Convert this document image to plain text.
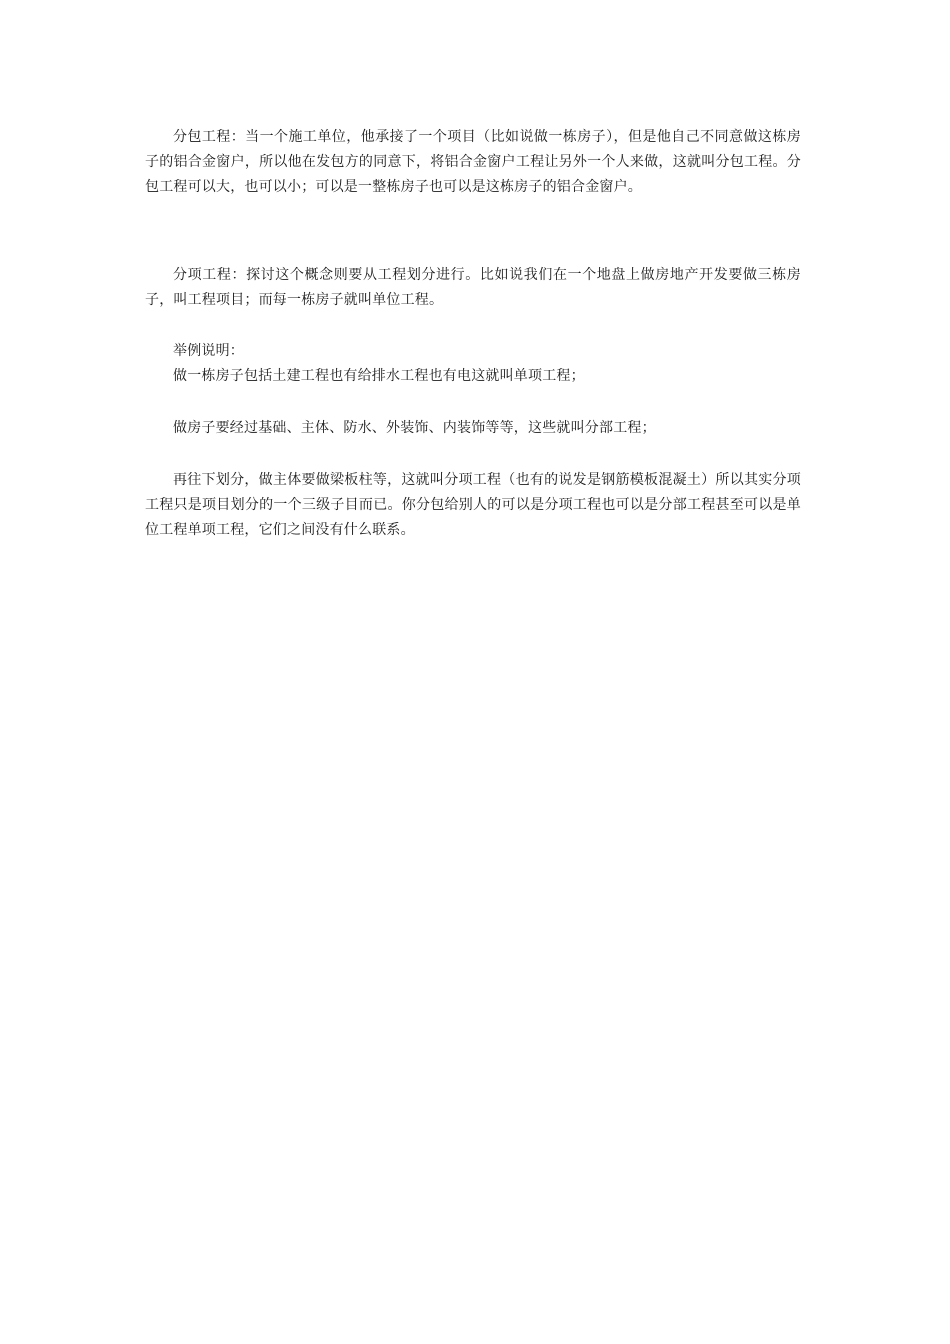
分包工程：当一个施工单位，他承接了一个项目（比如说做一栋房子），但是他自己不同意做这栋房子的铝合金窗户，所以他在发包方的同意下，将铝合金窗户工程让另外一个人来做，这就叫分包工程。分包工程可以大，也可以小；可以是一整栋房子也可以是这栋房子的铝合金窗户。

分项工程：探讨这个概念则要从工程划分进行。比如说我们在一个地盘上做房地产开发要做三栋房子，叫工程项目；而每一栋房子就叫单位工程。

举例说明：

做一栋房子包括土建工程也有给排水工程也有电这就叫单项工程；

做房子要经过基础、主体、防水、外装饰、内装饰等等，这些就叫分部工程；

再往下划分，做主体要做梁板柱等，这就叫分项工程（也有的说发是钢筋模板混凝土）所以其实分项工程只是项目划分的一个三级子目而已。你分包给别人的可以是分项工程也可以是分部工程甚至可以是单位工程单项工程，它们之间没有什么联系。
